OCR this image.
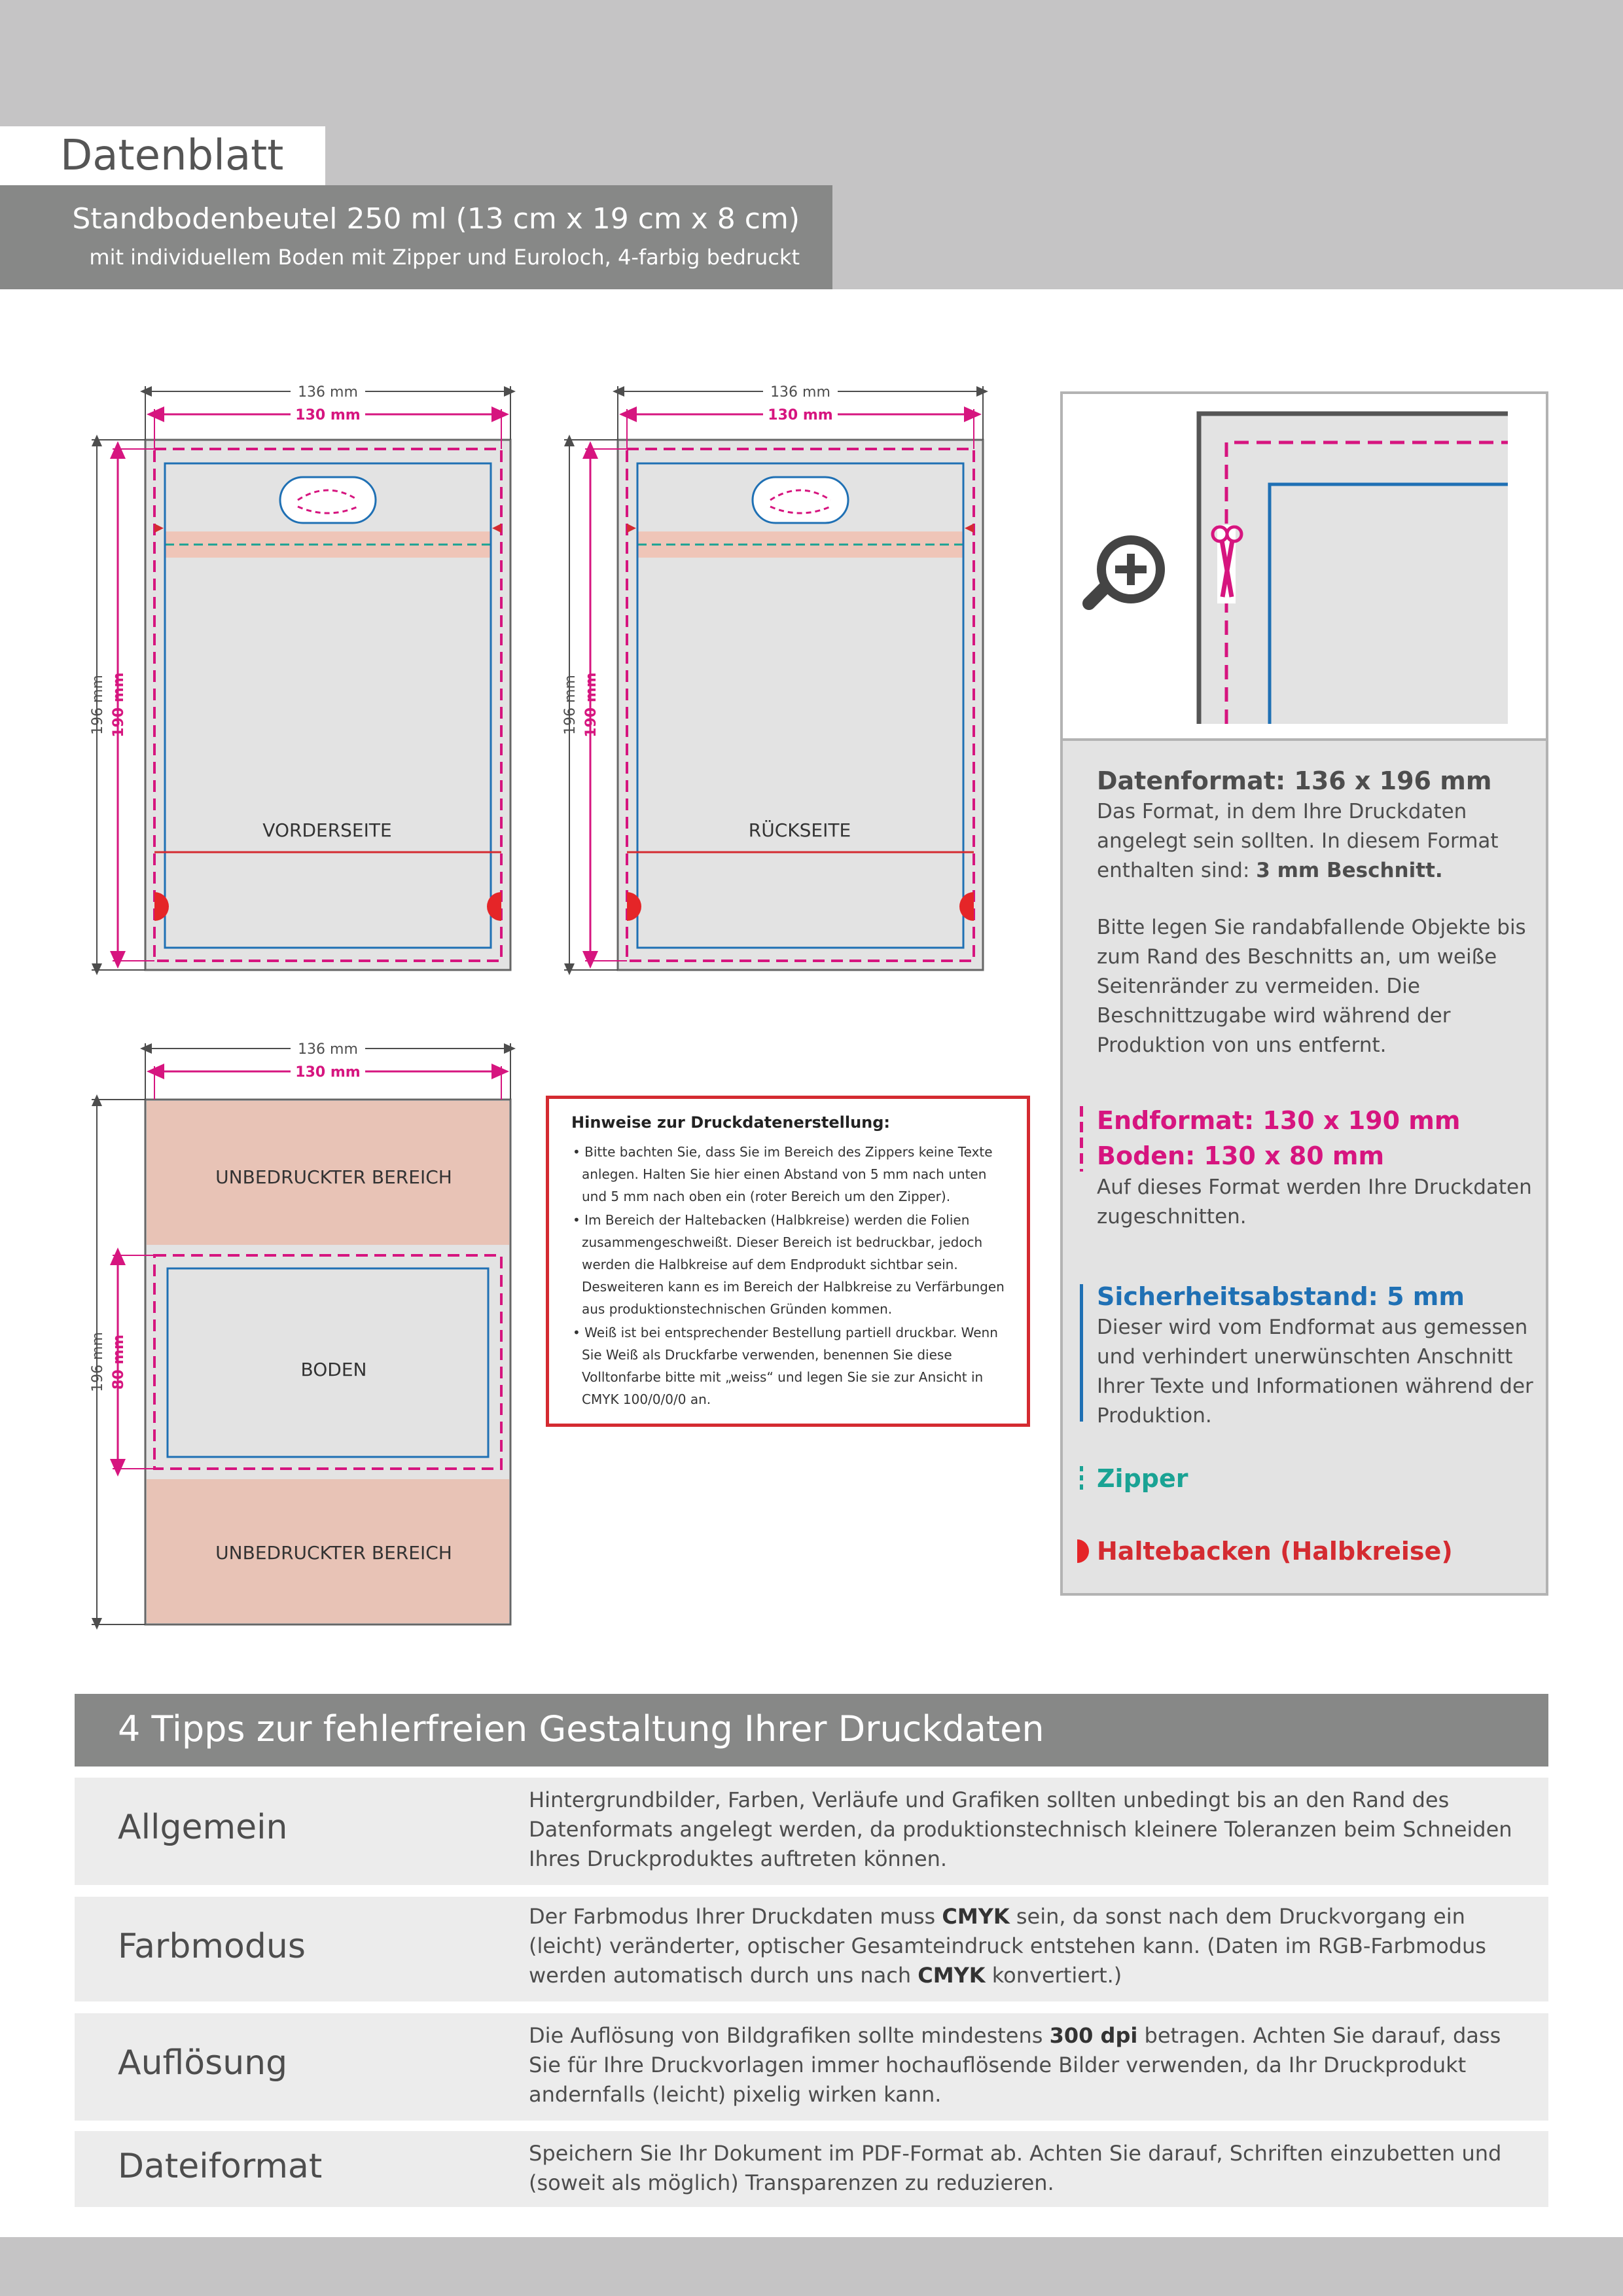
Datenblatt
Standbodenbeutel 250 ml (13 cm x 19 cm x 8 cm)
mit individuellem Boden mit Zipper und Euroloch, 4-farbig bedruckt
136 mm
130 mm
196 mm 190 mm
VORDERSEITE
136 mm
130 mm
196 mm 190 mm
RÜCKSEITE
136 mm
130 mm
196 mm 80 mm
UNBEDRUCKTER BEREICH
BODEN
UNBEDRUCKTER BEREICH
Hinweise zur Druckdatenerstellung:
• Bitte bachten Sie, dass Sie im Bereich des Zippers keine Texte anlegen. Halten Sie hier einen Abstand von 5 mm nach unten und 5 mm nach oben ein (roter Bereich um den Zipper).
• Im Bereich der Haltebacken (Halbkreise) werden die Folien zusammengeschweißt. Dieser Bereich ist bedruckbar, jedoch werden die Halbkreise auf dem Endprodukt sichtbar sein. Desweiteren kann es im Bereich der Halbkreise zu Verfärbungen aus produktionstechnischen Gründen kommen.
• Weiß ist bei entsprechender Bestellung partiell druckbar. Wenn Sie Weiß als Druckfarbe verwenden, benennen Sie diese Volltonfarbe bitte mit „weiss“ und legen Sie sie zur Ansicht in CMYK 100/0/0/0 an.
Datenformat: 136 x 196 mm
Das Format, in dem Ihre Druckdaten angelegt sein sollten. In diesem Format enthalten sind: 3 mm Beschnitt.
Bitte legen Sie randabfallende Objekte bis zum Rand des Beschnitts an, um weiße Seitenränder zu vermeiden. Die Beschnittzugabe wird während der Produktion von uns entfernt.
Endformat: 130 x 190 mm
Boden: 130 x 80 mm
Auf dieses Format werden Ihre Druckdaten zugeschnitten.
Sicherheitsabstand: 5 mm
Dieser wird vom Endformat aus gemessen und verhindert unerwünschten Anschnitt Ihrer Texte und Informationen während der Produktion.
Zipper
Haltebacken (Halbkreise)
4 Tipps zur fehlerfreien Gestaltung Ihrer Druckdaten
Allgemein
Hintergrundbilder, Farben, Verläufe und Grafiken sollten unbedingt bis an den Rand des Datenformats angelegt werden, da produktionstechnisch kleinere Toleranzen beim Schneiden Ihres Druckproduktes auftreten können.
Farbmodus
Der Farbmodus Ihrer Druckdaten muss CMYK sein, da sonst nach dem Druckvorgang ein (leicht) veränderter, optischer Gesamteindruck entstehen kann. (Daten im RGB-Farbmodus werden automatisch durch uns nach CMYK konvertiert.)
Auflösung
Die Auflösung von Bildgrafiken sollte mindestens 300 dpi betragen. Achten Sie darauf, dass Sie für Ihre Druckvorlagen immer hochauflösende Bilder verwenden, da Ihr Druckprodukt andernfalls (leicht) pixelig wirken kann.
Dateiformat	Speichern Sie Ihr Dokument im PDF-Format ab. Achten Sie darauf, Schriften einzubetten und (soweit als möglich) Transparenzen zu reduzieren.
